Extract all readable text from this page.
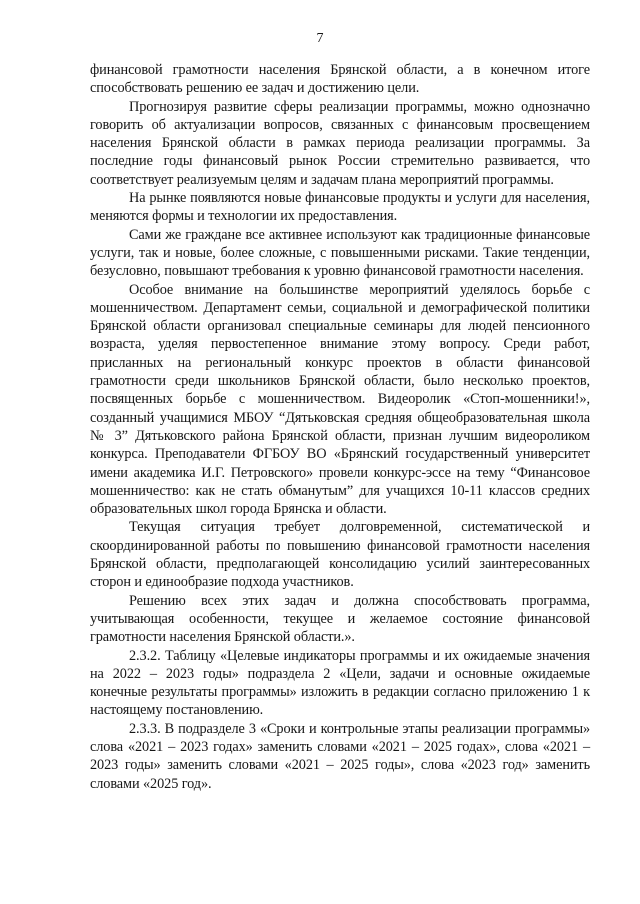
7

финансовой грамотности населения Брянской области, а в конечном итоге способствовать решению ее задач и достижению цели.

Прогнозируя развитие сферы реализации программы, можно однозначно говорить об актуализации вопросов, связанных с финансовым просвещением населения Брянской области в рамках периода реализации программы. За последние годы финансовый рынок России стремительно развивается, что соответствует реализуемым целям и задачам плана мероприятий программы.

На рынке появляются новые финансовые продукты и услуги для населения, меняются формы и технологии их предоставления.

Сами же граждане все активнее используют как традиционные финансовые услуги, так и новые, более сложные, с повышенными рисками. Такие тенденции, безусловно, повышают требования к уровню финансовой грамотности населения.

Особое внимание на большинстве мероприятий уделялось борьбе с мошенничеством. Департамент семьи, социальной и демографической политики Брянской области организовал специальные семинары для людей пенсионного возраста, уделяя первостепенное внимание этому вопросу. Среди работ, присланных на региональный конкурс проектов в области финансовой грамотности среди школьников Брянской области, было несколько проектов, посвященных борьбе с мошенничеством. Видеоролик «Стоп-мошенники!», созданный учащимися МБОУ “Дятьковская средняя общеобразовательная школа № 3” Дятьковского района Брянской области, признан лучшим видеороликом конкурса. Преподаватели ФГБОУ ВО «Брянский государственный университет имени академика И.Г. Петровского» провели конкурс-эссе на тему “Финансовое мошенничество: как не стать обманутым” для учащихся 10-11 классов средних образовательных школ города Брянска и области.

Текущая ситуация требует долговременной, систематической и скоординированной работы по повышению финансовой грамотности населения Брянской области, предполагающей консолидацию усилий заинтересованных сторон и единообразие подхода участников.

Решению всех этих задач и должна способствовать программа, учитывающая особенности, текущее и желаемое состояние финансовой грамотности населения Брянской области.».

2.3.2. Таблицу «Целевые индикаторы программы и их ожидаемые значения на 2022 – 2023 годы» подраздела 2 «Цели, задачи и основные ожидаемые конечные результаты программы» изложить в редакции согласно приложению 1 к настоящему постановлению.

2.3.3. В подразделе 3 «Сроки и контрольные этапы реализации программы» слова «2021 – 2023 годах» заменить словами «2021 – 2025 годах», слова «2021 – 2023 годы» заменить словами «2021 – 2025 годы», слова «2023 год» заменить словами «2025 год».
